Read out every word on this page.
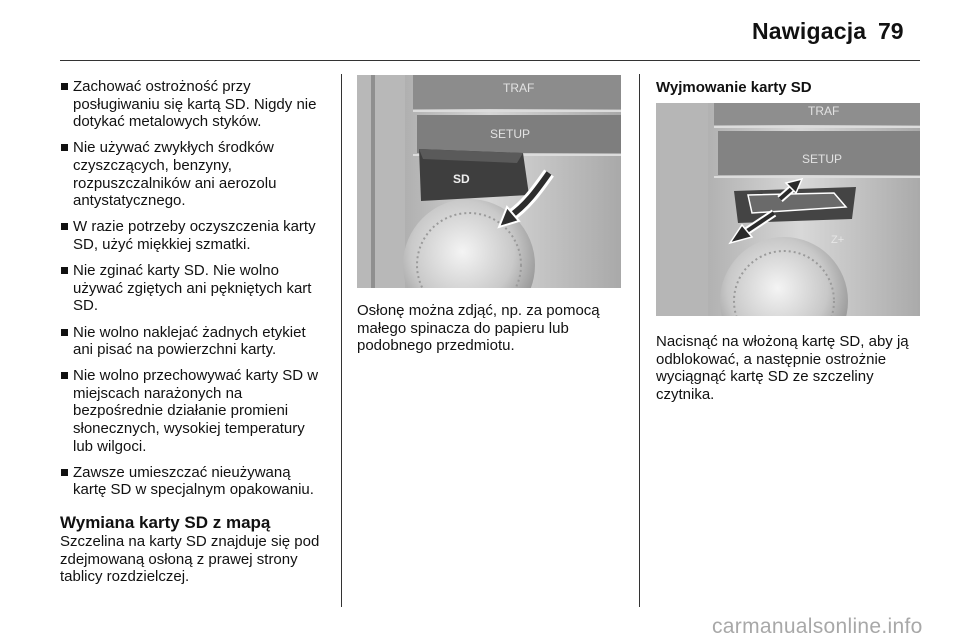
Nawigacja 79
Zachować ostrożność przy posługiwaniu się kartą SD. Nigdy nie dotykać metalowych styków.
Nie używać zwykłych środków czyszczących, benzyny, rozpuszczalników ani aerozolu antystatycznego.
W razie potrzeby oczyszczenia karty SD, użyć miękkiej szmatki.
Nie zginać karty SD. Nie wolno używać zgiętych ani pękniętych kart SD.
Nie wolno naklejać żadnych etykiet ani pisać na powierzchni karty.
Nie wolno przechowywać karty SD w miejscach narażonych na bezpośrednie działanie promieni słonecznych, wysokiej temperatury lub wilgoci.
Zawsze umieszczać nieużywaną kartę SD w specjalnym opakowaniu.
Wymiana karty SD z mapą

Szczelina na karty SD znajduje się pod zdejmowaną osłoną z prawej strony tablicy rozdzielczej.

TRAF
SETUP
SD
Osłonę można zdjąć, np. za pomocą małego spinacza do papieru lub podobnego przedmiotu.
Wyjmowanie karty SD
TRAF
SETUP
Z+
Nacisnąć na włożoną kartę SD, aby ją odblokować, a następnie ostrożnie wyciągnąć kartę SD ze szczeliny czytnika.
carmanualsonline.info
